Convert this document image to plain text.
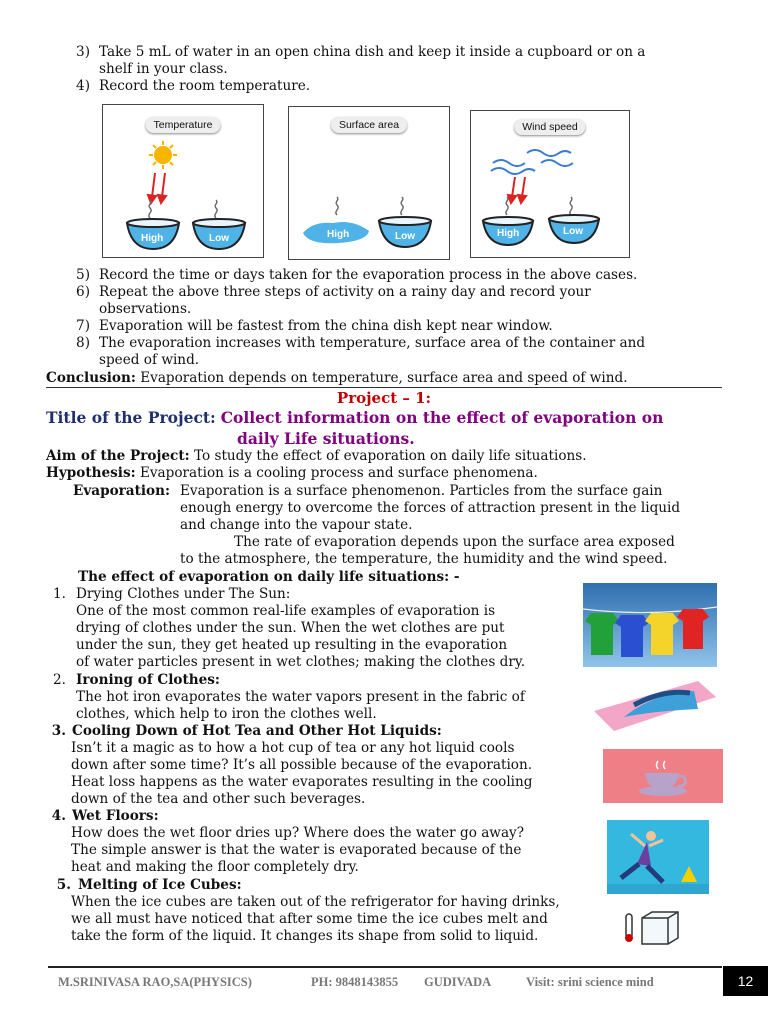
3) Take 5 mL of water in an open china dish and keep it inside a cupboard or on a
shelf in your class.
4) Record the room temperature.
Temperature
High	Low
Surface area
High	Low
Wind speed
High	Low
5) Record the time or days taken for the evaporation process in the above cases.
6) Repeat the above three steps of activity on a rainy day and record your
observations.
7) Evaporation will be fastest from the china dish kept near window.
8) The evaporation increases with temperature, surface area of the container and
speed of wind.
Conclusion: Evaporation depends on temperature, surface area and speed of wind.
Project – 1:
Title of the Project: Collect information on the effect of evaporation on
daily Life situations.
Aim of the Project: To study the effect of evaporation on daily life situations.
Hypothesis: Evaporation is a cooling process and surface phenomena.
Evaporation: Evaporation is a surface phenomenon. Particles from the surface gain
enough energy to overcome the forces of attraction present in the liquid
and change into the vapour state.
The rate of evaporation depends upon the surface area exposed
to the atmosphere, the temperature, the humidity and the wind speed.
The effect of evaporation on daily life situations: -
1. Drying Clothes under The Sun:
One of the most common real-life examples of evaporation is
drying of clothes under the sun. When the wet clothes are put
under the sun, they get heated up resulting in the evaporation
of water particles present in wet clothes; making the clothes dry.
2. Ironing of Clothes:
The hot iron evaporates the water vapors present in the fabric of
clothes, which help to iron the clothes well.
3. Cooling Down of Hot Tea and Other Hot Liquids:
Isn’t it a magic as to how a hot cup of tea or any hot liquid cools
down after some time? It’s all possible because of the evaporation.
Heat loss happens as the water evaporates resulting in the cooling
down of the tea and other such beverages.
4. Wet Floors:
How does the wet floor dries up? Where does the water go away?
The simple answer is that the water is evaporated because of the
heat and making the floor completely dry.
5. Melting of Ice Cubes:
When the ice cubes are taken out of the refrigerator for having drinks,
we all must have noticed that after some time the ice cubes melt and
take the form of the liquid. It changes its shape from solid to liquid.
M.SRINIVASA RAO,SA(PHYSICS)	PH: 9848143855 GUDIVADA	Visit: srini science mind	12
